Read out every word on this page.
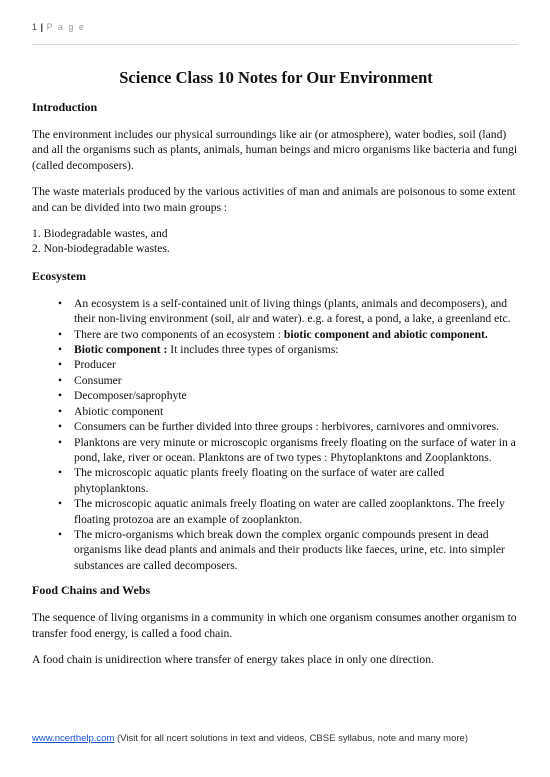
1 | P a g e
Science Class 10 Notes for Our Environment
Introduction

The environment includes our physical surroundings like air (or atmosphere), water bodies, soil (land) and all the organisms such as plants, animals, human beings and micro organisms like bacteria and fungi (called decomposers).

The waste materials produced by the various activities of man and animals are poisonous to some extent and can be divided into two main groups :

1. Biodegradable wastes, and
2. Non-biodegradable wastes.
Ecosystem
• An ecosystem is a self-contained unit of living things (plants, animals and decomposers), and their non-living environment (soil, air and water). e.g. a forest, a pond, a lake, a greenland etc.
• There are two components of an ecosystem : biotic component and abiotic component.
• Biotic component : It includes three types of organisms:
• Producer
• Consumer
• Decomposer/saprophyte
• Abiotic component
• Consumers can be further divided into three groups : herbivores, carnivores and omnivores.
• Planktons are very minute or microscopic organisms freely floating on the surface of water in a pond, lake, river or ocean. Planktons are of two types : Phytoplanktons and Zooplanktons.
• The microscopic aquatic plants freely floating on the surface of water are called phytoplanktons.
• The microscopic aquatic animals freely floating on water are called zooplanktons. The freely floating protozoa are an example of zooplankton.
• The micro-organisms which break down the complex organic compounds present in dead organisms like dead plants and animals and their products like faeces, urine, etc. into simpler substances are called decomposers.
Food Chains and Webs

The sequence of living organisms in a community in which one organism consumes another organism to transfer food energy, is called a food chain.

A food chain is unidirection where transfer of energy takes place in only one direction.

www.ncerthelp.com (Visit for all ncert solutions in text and videos, CBSE syllabus, note and many more)
